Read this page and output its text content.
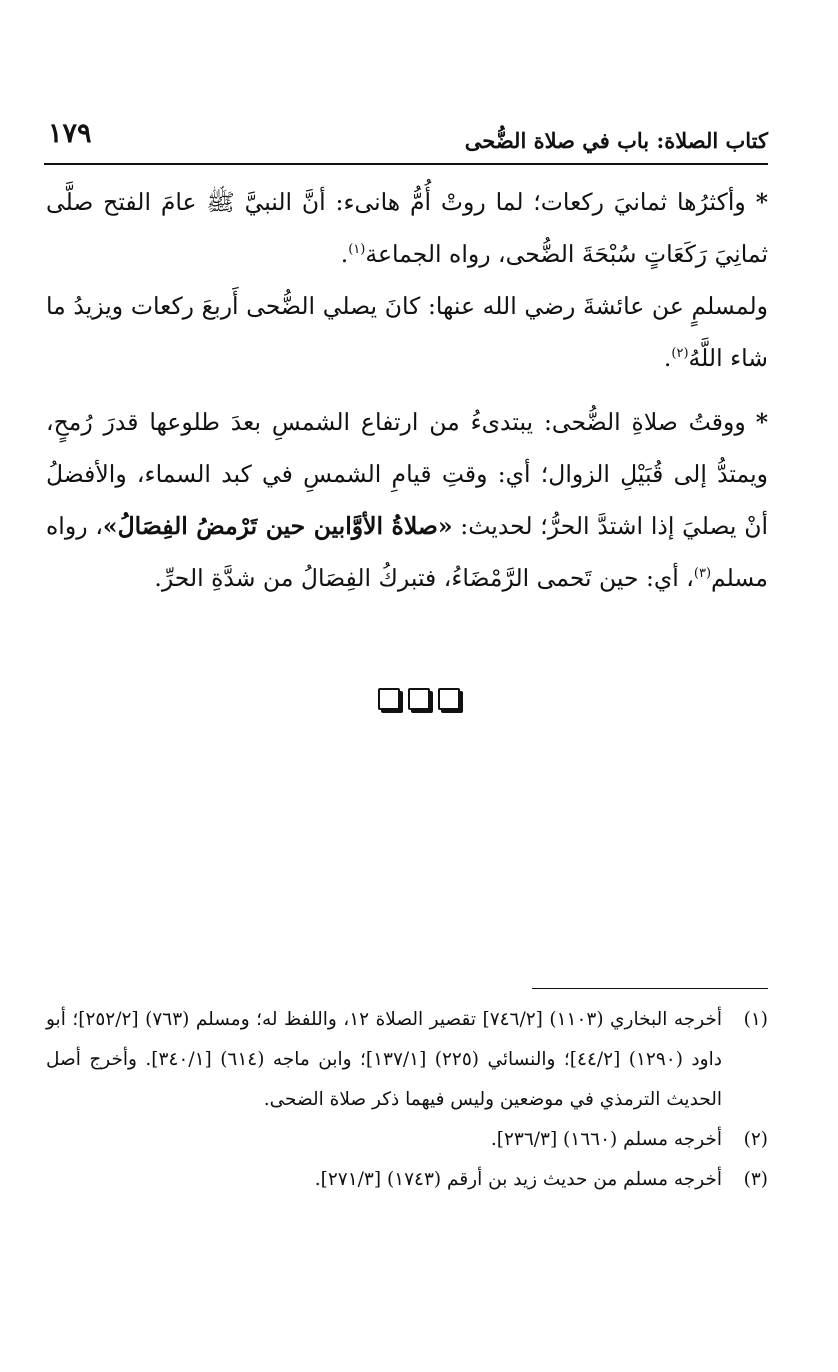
كتاب الصلاة: باب في صلاة الضُّحى
١٧٩

*وأكثرُها ثمانيَ ركعات؛ لما روتْ أُمُّ هانىء: أنَّ النبيَّ ﷺ عامَ الفتح صلَّى ثمانِيَ رَكَعَاتٍ سُبْحَةَ الضُّحى، رواه الجماعة$^{(١)}$.

ولمسلمٍ عن عائشةَ رضي الله عنها: كانَ يصلي الضُّحى أَربعَ ركعات ويزيدُ ما شاء اللَّهُ$^{(٢)}$.

*ووقتُ صلاةِ الضُّحى: يبتدىءُ من ارتفاع الشمسِ بعدَ طلوعها قدرَ رُمحٍ، ويمتدُّ إلى قُبَيْلِ الزوال؛ أي: وقتِ قيامِ الشمسِ في كبد السماء، والأفضلُ أنْ يصليَ إذا اشتدَّ الحرُّ؛ لحديث: «صلاةُ الأوَّابين حين تَرْمضُ الفِصَالُ»، رواه مسلم$^{(٣)}$، أي: حين تَحمى الرَّمْضَاءُ، فتبركُ الفِصَالُ من شدَّةِ الحرِّ.

(١)
أخرجه البخاري (١١٠٣) [٧٤٦/٢] تقصير الصلاة ١٢، واللفظ له؛ ومسلم (٧٦٣) [٢٥٢/٢]؛ أبو داود (١٢٩٠) [٤٤/٢]؛ والنسائي (٢٢٥) [١٣٧/١]؛ وابن ماجه (٦١٤) [٣٤٠/١]. وأخرج أصل الحديث الترمذي في موضعين وليس فيهما ذكر صلاة الضحى.
(٢)
أخرجه مسلم (١٦٦٠) [٢٣٦/٣].
(٣)
أخرجه مسلم من حديث زيد بن أرقم (١٧٤٣) [٢٧١/٣].
